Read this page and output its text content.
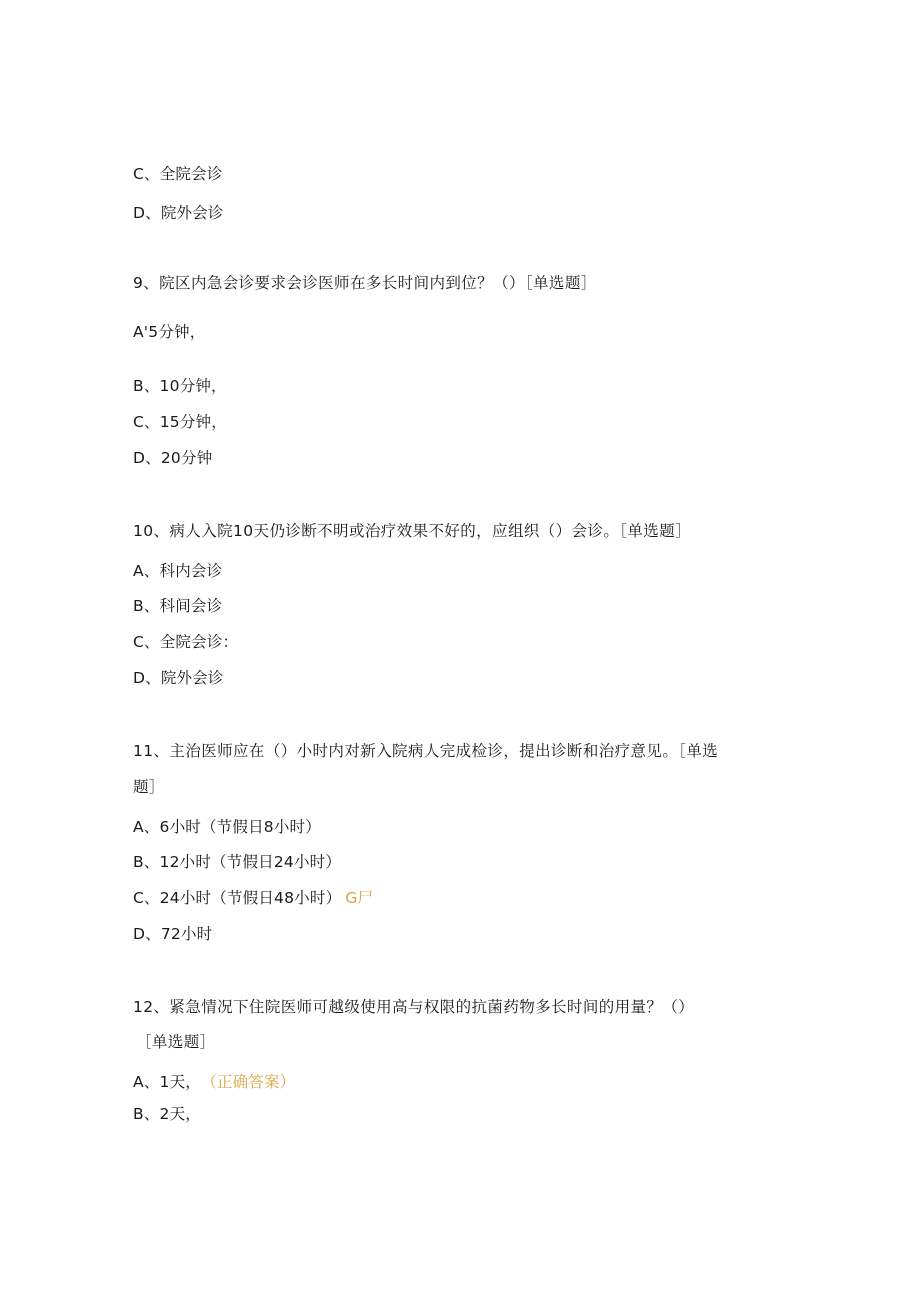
C、全院会诊
D、院外会诊
9、院区内急会诊要求会诊医师在多长时间内到位？（）［单选题］
A'5分钟，
B、10分钟，
C、15分钟，
D、20分钟
10、病人入院10天仍诊断不明或治疗效果不好的，应组织（）会诊。［单选题］
A、科内会诊
B、科间会诊
C、全院会诊：
D、院外会诊
11、主治医师应在（）小时内对新入院病人完成检诊，提出诊断和治疗意见。［单选
题］
A、6小时（节假日8小时）
B、12小时（节假日24小时）
C、24小时（节假日48小时） G尸
D、72小时
12、紧急情况下住院医师可越级使用高与权限的抗菌药物多长时间的用量？（）
［单选题］
A、1天， （正确答案）
B、2天，
